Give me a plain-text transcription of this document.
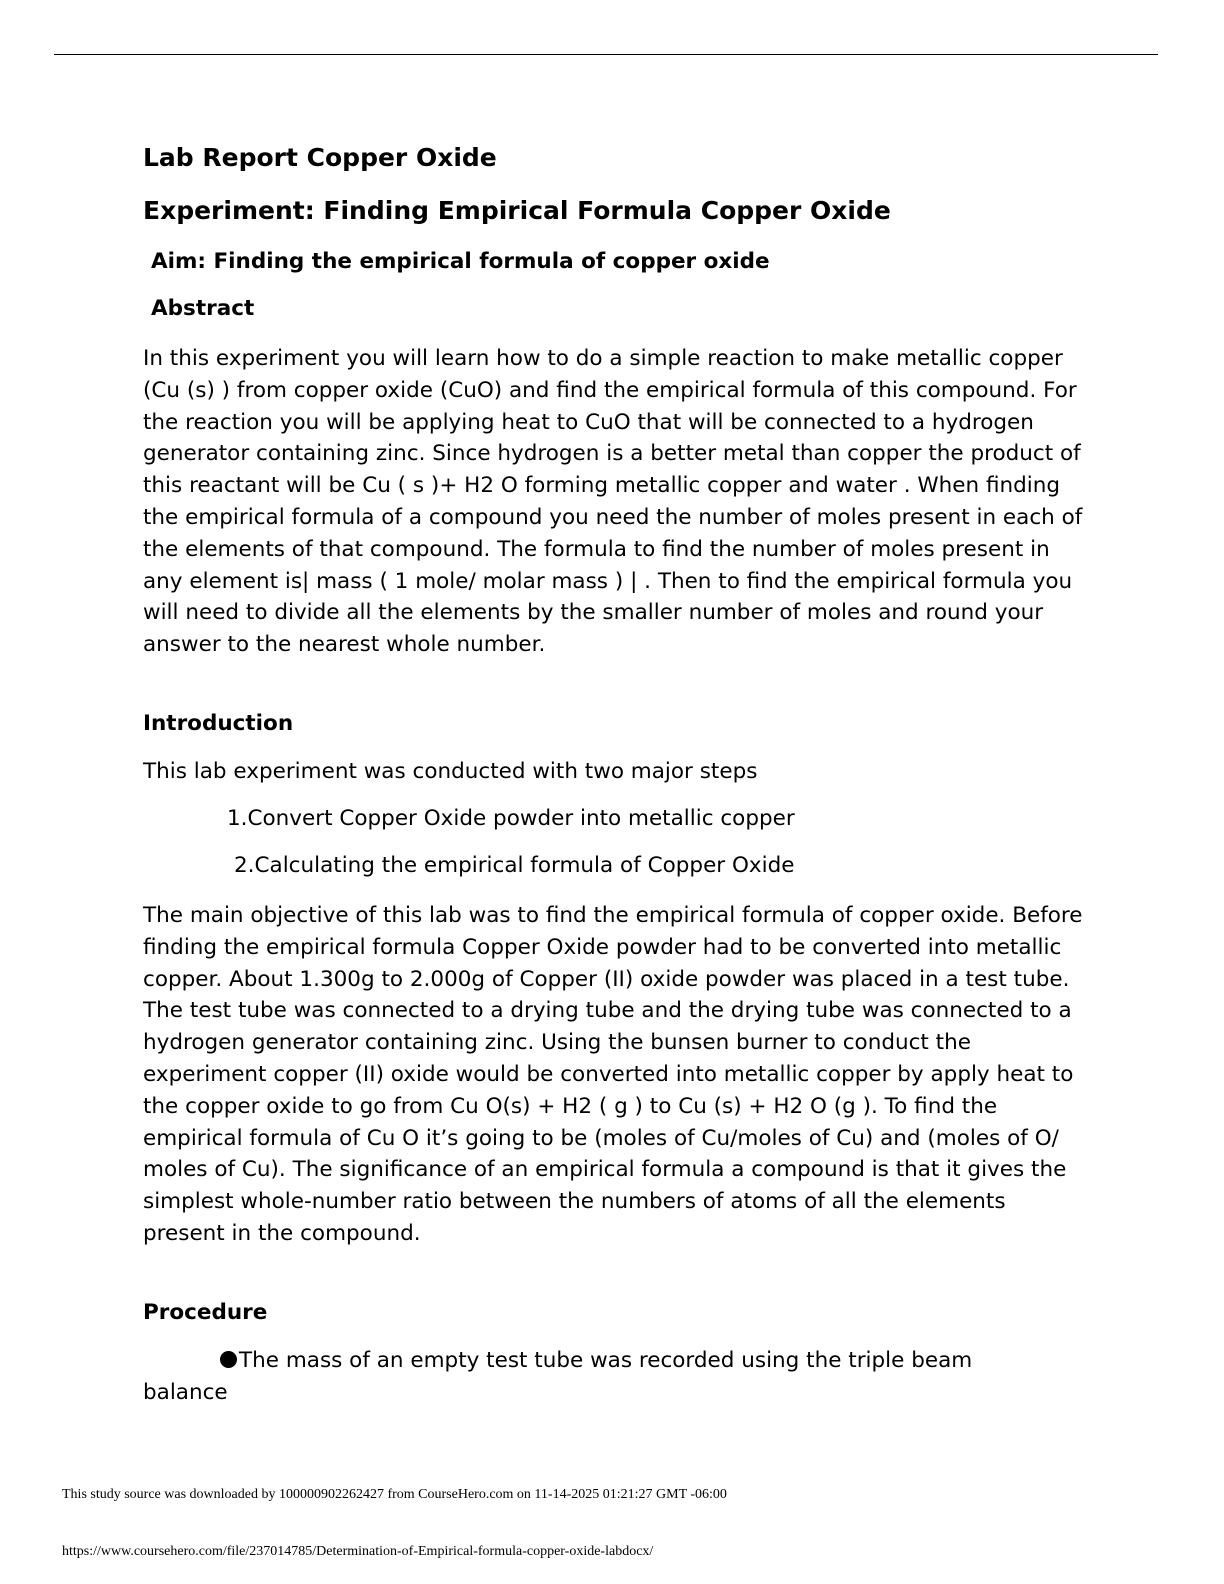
Lab Report Copper Oxide
Experiment: Finding Empirical Formula Copper Oxide
Aim: Finding the empirical formula of copper oxide
Abstract

In this experiment you will learn how to do a simple reaction to make metallic copper (Cu (s) ) from copper oxide (CuO) and find the empirical formula of this compound. For the reaction you will be applying heat to CuO that will be connected to a hydrogen generator containing zinc. Since hydrogen is a better metal than copper the product of this reactant will be Cu ( s )+ H2 O forming metallic copper and water . When finding the empirical formula of a compound you need the number of moles present in each of the elements of that compound. The formula to find the number of moles present in any element is| mass ( 1 mole/ molar mass ) | . Then to find the empirical formula you will need to divide all the elements by the smaller number of moles and round your answer to the nearest whole number.

Introduction
This lab experiment was conducted with two major steps
1.Convert Copper Oxide powder into metallic copper
2.Calculating the empirical formula of Copper Oxide

The main objective of this lab was to find the empirical formula of copper oxide. Before finding the empirical formula Copper Oxide powder had to be converted into metallic copper. About 1.300g to 2.000g of Copper (II) oxide powder was placed in a test tube. The test tube was connected to a drying tube and the drying tube was connected to a hydrogen generator containing zinc. Using the bunsen burner to conduct the experiment copper (II) oxide would be converted into metallic copper by apply heat to the copper oxide to go from Cu O(s) + H2 ( g ) to Cu (s) + H2 O (g ). To find the empirical formula of Cu O it’s going to be (moles of Cu/moles of Cu) and (moles of O/ moles of Cu). The significance of an empirical formula a compound is that it gives the simplest whole-number ratio between the numbers of atoms of all the elements present in the compound.

Procedure
The mass of an empty test tube was recorded using the triple beam
balance
This study source was downloaded by 100000902262427 from CourseHero.com on 11-14-2025 01:21:27 GMT -06:00
https://www.coursehero.com/file/237014785/Determination-of-Empirical-formula-copper-oxide-labdocx/
